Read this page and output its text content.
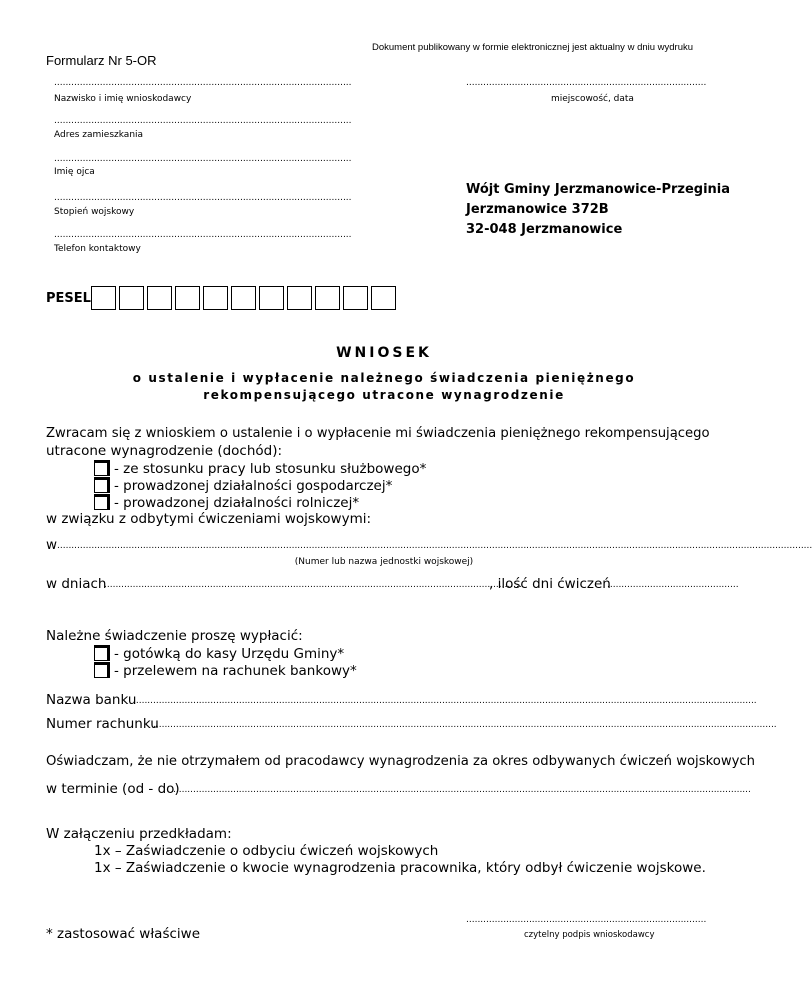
Formularz Nr 5-OR
Dokument publikowany w formie elektronicznej jest aktualny w dniu wydruku
........................................................................................................
Nazwisko i imię wnioskodawcy
........................................................................................................
Adres zamieszkania
........................................................................................................
Imię ojca
........................................................................................................
Stopień wojskowy
........................................................................................................
Telefon kontaktowy
....................................................................................
miejscowość, data
Wójt Gminy Jerzmanowice-Przeginia
Jerzmanowice 372B
32-048 Jerzmanowice
PESEL
WNIOSEK
o ustalenie i wypłacenie należnego świadczenia pieniężnego
rekompensującego utracone wynagrodzenie
Zwracam się z wnioskiem o ustalenie i o wypłacenie mi świadczenia pieniężnego rekompensującego
utracone wynagrodzenie (dochód):
- ze stosunku pracy lub stosunku służbowego*
- prowadzonej działalności gospodarczej*
- prowadzonej działalności rolniczej*
w związku z odbytymi ćwiczeniami wojskowymi:
w ........................................................................................................................................................................................................................................................................
(Numer lub nazwa jednostki wojskowej)
w dniach
..................................................................................................................................................
, ilość dni ćwiczeń
..............................................
Należne świadczenie proszę wypłacić:
- gotówką do kasy Urzędu Gminy*
- przelewem na rachunek bankowy*
Nazwa banku
..........................................................................................................................................................................................................................
Numer rachunku
..........................................................................................................................................................................................................................
Oświadczam, że nie otrzymałem od pracodawcy wynagrodzenia za okres odbywanych ćwiczeń wojskowych
w terminie (od - do)
..........................................................................................................................................................................................................
W załączeniu przedkładam:
1x – Zaświadczenie o odbyciu ćwiczeń wojskowych
1x – Zaświadczenie o kwocie wynagrodzenia pracownika, który odbył ćwiczenie wojskowe.
* zastosować właściwe
....................................................................................
czytelny podpis wnioskodawcy
